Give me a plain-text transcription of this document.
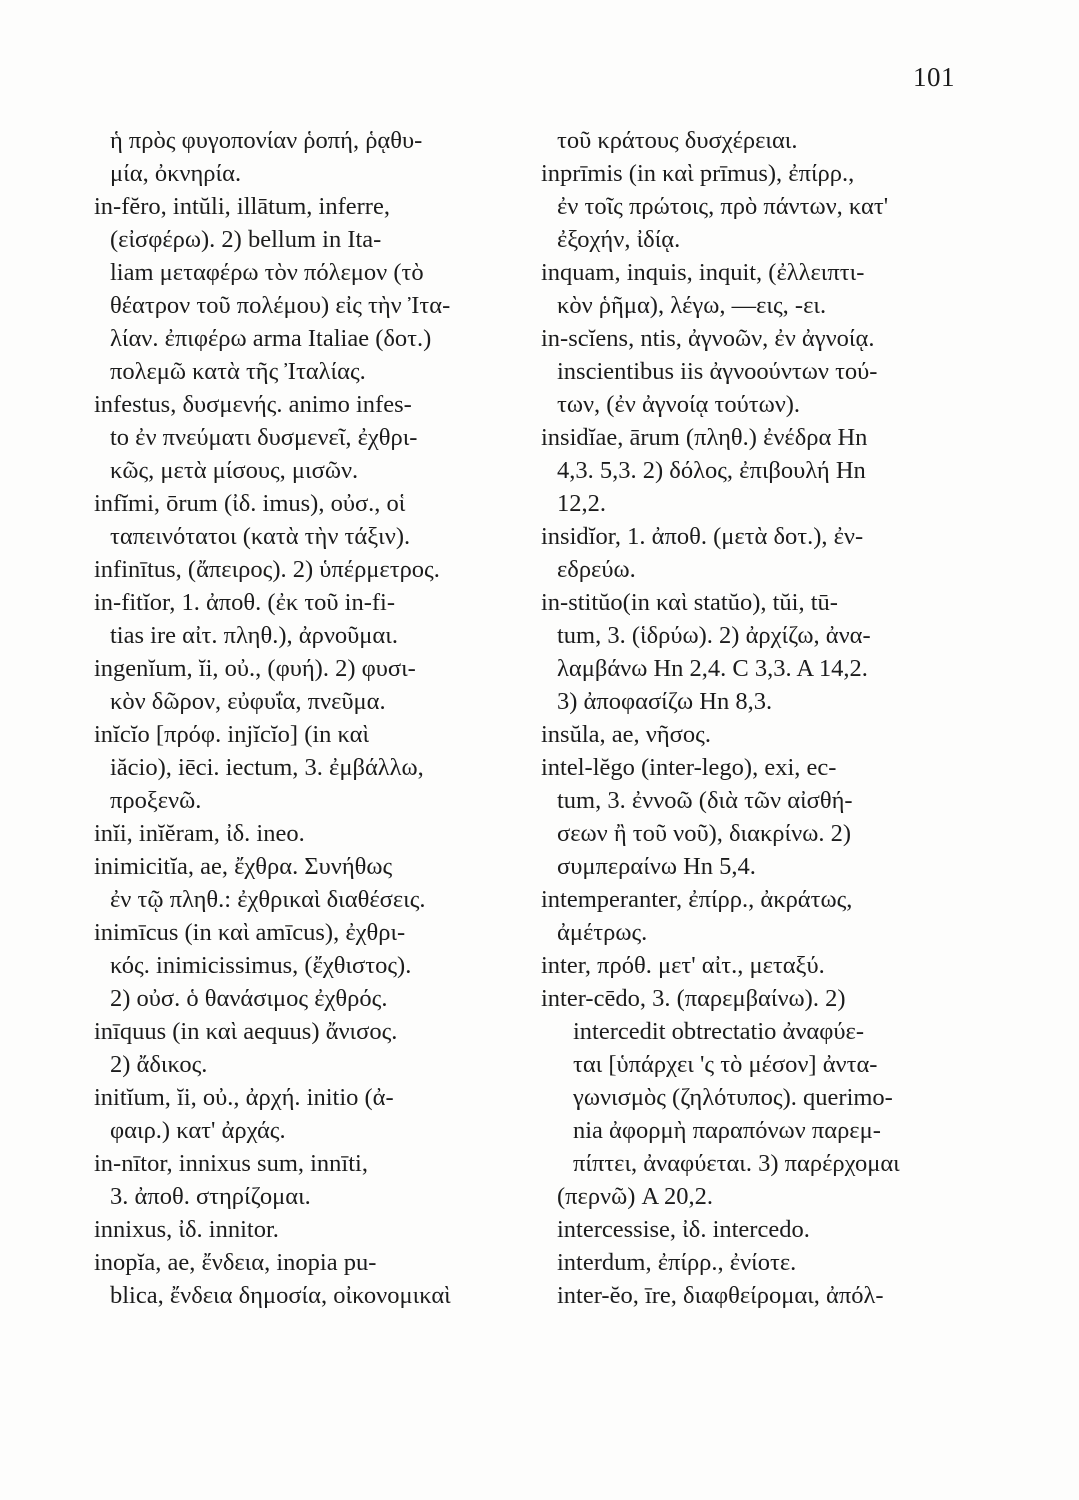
101
ἡ πρὸς φυγοπονίαν ῥοπή, ῥᾳθυ-
μία, ὀκνηρία.
in-fĕro, intŭli, illātum, inferre,
(εἰσφέρω). 2) bellum in Ita-
liam μεταφέρω τὸν πόλεμον (τὸ
θέατρον τοῦ πολέμου) εἰς τὴν Ἰτα-
λίαν. ἐπιφέρω arma Italiae (δοτ.)
πολεμῶ κατὰ τῆς Ἰταλίας.
infestus, δυσμενής. animo infes-
to ἐν πνεύματι δυσμενεῖ, ἐχθρι-
κῶς, μετὰ μίσους, μισῶν.
infĭmi, ōrum (ἰδ. imus), οὐσ., οἱ
ταπεινότατοι (κατὰ τὴν τάξιν).
infinītus, (ἄπειρος). 2) ὑπέρμετρος.
in-fitĭor, 1. ἀποθ. (ἐκ τοῦ in-fi-
tias ire αἰτ. πληθ.), ἀρνοῦμαι.
ingenĭum, ĭi, οὐ., (φυή). 2) φυσι-
κὸν δῶρον, εὐφυΐα, πνεῦμα.
inĭcĭo [πρόφ. injĭcĭo] (in καὶ
iăcio), iēci. iectum, 3. ἐμβάλλω,
προξενῶ.
inĭi, inĭĕram, ἰδ. ineo.
inimicitĭa, ae, ἔχθρα. Συνήθως
ἐν τῷ πληθ.: ἐχθρικαὶ διαθέσεις.
inimīcus (in καὶ amīcus), ἐχθρι-
κός. inimicissimus, (ἔχθιστος).
2) οὐσ. ὁ θανάσιμος ἐχθρός.
inīquus (in καὶ aequus) ἄνισος.
2) ἄδικος.
initĭum, ĭi, οὐ., ἀρχή. initio (ἀ-
φαιρ.) κατ' ἀρχάς.
in-nītor, innixus sum, innīti,
3. ἀποθ. στηρίζομαι.
innixus, ἰδ. innitor.
inopĭa, ae, ἔνδεια, inopia pu-
blica, ἔνδεια δημοσία, οἰκονομικαὶ
τοῦ κράτους δυσχέρειαι.
inprīmis (in καὶ prīmus), ἐπίρρ.,
ἐν τοῖς πρώτοις, πρὸ πάντων, κατ'
ἐξοχήν, ἰδίᾳ.
inquam, inquis, inquit, (ἐλλειπτι-
κὸν ῥῆμα), λέγω, —εις, -ει.
in-scĭens, ntis, ἀγνοῶν, ἐν ἀγνοίᾳ.
inscientibus iis ἀγνοούντων τού-
των, (ἐν ἀγνοίᾳ τούτων).
insidĭae, ārum (πληθ.) ἐνέδρα Hn
4,3. 5,3. 2) δόλος, ἐπιβουλή Hn
12,2.
insidĭor, 1. ἀποθ. (μετὰ δοτ.), ἐν-
εδρεύω.
in-stitŭo(in καὶ statŭo), tŭi, tū-
tum, 3. (ἱδρύω). 2) ἀρχίζω, ἀνα-
λαμβάνω Hn 2,4. C 3,3. A 14,2.
3) ἀποφασίζω Hn 8,3.
insŭla, ae, νῆσος.
intel-lĕgo (inter-lego), exi, ec-
tum, 3. ἐννοῶ (διὰ τῶν αἰσθή-
σεων ἢ τοῦ νοῦ), διακρίνω. 2)
συμπεραίνω Hn 5,4.
intemperanter, ἐπίρρ., ἀκράτως,
ἀμέτρως.
inter, πρόθ. μετ' αἰτ., μεταξύ.
inter-cēdo, 3. (παρεμβαίνω). 2)
intercedit obtrectatio ἀναφύε-
ται [ὑπάρχει 'ς τὸ μέσον] ἀντα-
γωνισμὸς (ζηλότυπος). querimo-
nia ἀφορμὴ παραπόνων παρεμ-
πίπτει, ἀναφύεται. 3) παρέρχομαι
(περνῶ) A 20,2.
intercessise, ἰδ. intercedo.
interdum, ἐπίρρ., ἐνίοτε.
inter-ĕo, īre, διαφθείρομαι, ἀπόλ-
